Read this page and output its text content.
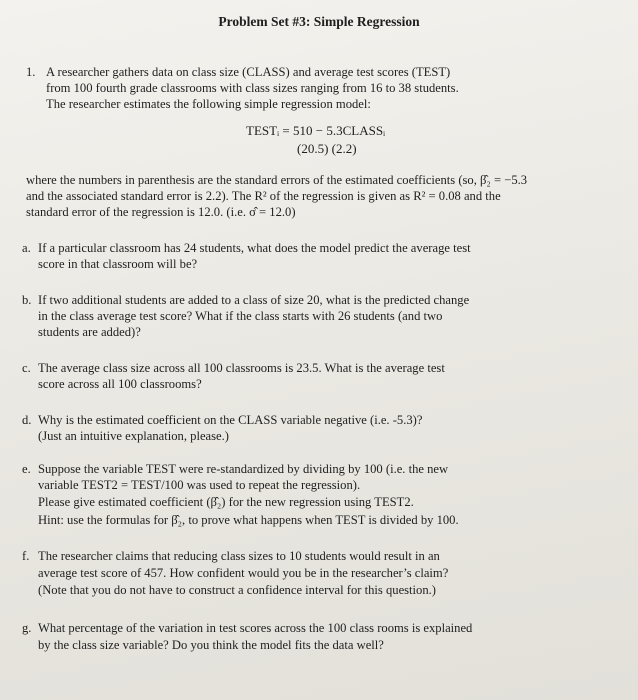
Problem Set #3: Simple Regression
1. A researcher gathers data on class size (CLASS) and average test scores (TEST)
from 100 fourth grade classrooms with class sizes ranging from 16 to 38 students.
The researcher estimates the following simple regression model:
TESTᵢ = 510 − 5.3CLASSᵢ
(20.5) (2.2)
where the numbers in parenthesis are the standard errors of the estimated coefficients (so, β̂₂ = −5.3
and the associated standard error is 2.2). The R² of the regression is given as R² = 0.08 and the
standard error of the regression is 12.0. (i.e. σ̂ = 12.0)
a. If a particular classroom has 24 students, what does the model predict the average test
score in that classroom will be?
b. If two additional students are added to a class of size 20, what is the predicted change
in the class average test score? What if the class starts with 26 students (and two
students are added)?
c. The average class size across all 100 classrooms is 23.5. What is the average test
score across all 100 classrooms?
d. Why is the estimated coefficient on the CLASS variable negative (i.e. -5.3)?
(Just an intuitive explanation, please.)
e. Suppose the variable TEST were re-standardized by dividing by 100 (i.e. the new
variable TEST2 = TEST/100 was used to repeat the regression).
Please give estimated coefficient (β̂₂) for the new regression using TEST2.
Hint: use the formulas for β̂₂, to prove what happens when TEST is divided by 100.
f. The researcher claims that reducing class sizes to 10 students would result in an
average test score of 457. How confident would you be in the researcher’s claim?
(Note that you do not have to construct a confidence interval for this question.)
g. What percentage of the variation in test scores across the 100 class rooms is explained
by the class size variable? Do you think the model fits the data well?
